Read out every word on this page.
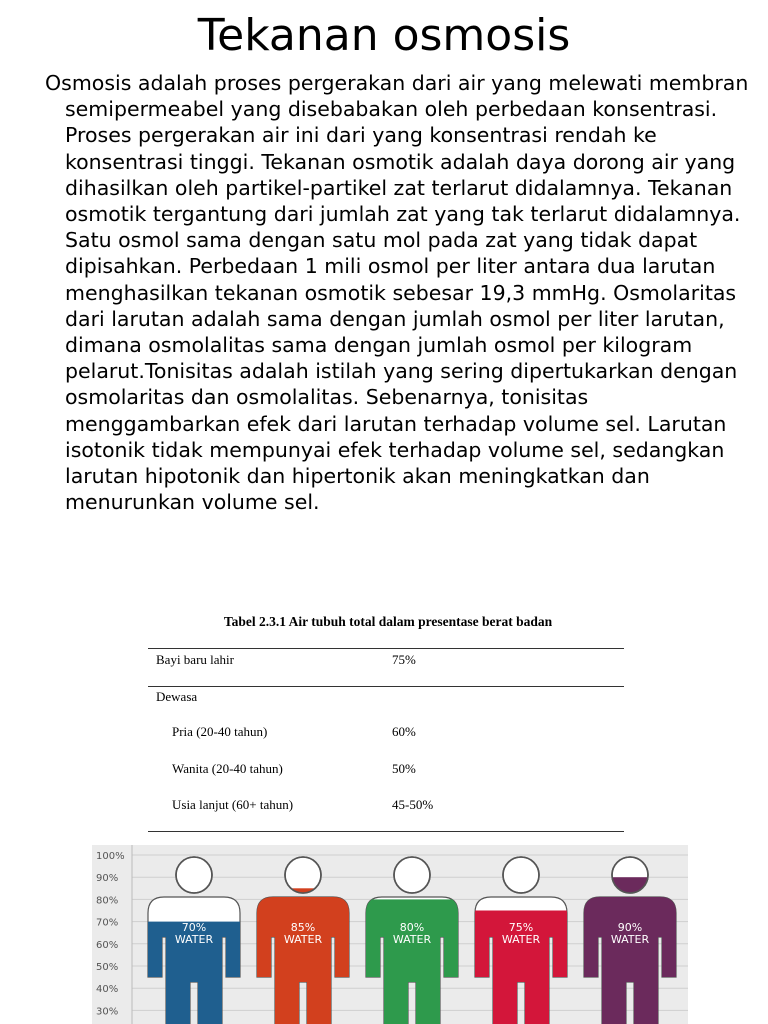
Tekanan osmosis

Osmosis adalah proses pergerakan dari air yang melewati membran semipermeabel yang disebabakan oleh perbedaan konsentrasi. Proses pergerakan air ini dari yang konsentrasi rendah ke konsentrasi tinggi. Tekanan osmotik adalah daya dorong air yang dihasilkan oleh partikel-partikel zat terlarut didalamnya. Tekanan osmotik tergantung dari jumlah zat yang tak terlarut didalamnya. Satu osmol sama dengan satu mol pada zat yang tidak dapat dipisahkan. Perbedaan 1 mili osmol per liter antara dua larutan menghasilkan tekanan osmotik sebesar 19,3 mmHg. Osmolaritas dari larutan adalah sama dengan jumlah osmol per liter larutan, dimana osmolalitas sama dengan jumlah osmol per kilogram pelarut.Tonisitas adalah istilah yang sering dipertukarkan dengan osmolaritas dan osmolalitas. Sebenarnya, tonisitas menggambarkan efek dari larutan terhadap volume sel. Larutan isotonik tidak mempunyai efek terhadap volume sel, sedangkan larutan hipotonik dan hipertonik akan meningkatkan dan menurunkan volume sel.

Tabel 2.3.1 Air tubuh total dalam presentase berat badan
Bayi baru lahir	75%
Dewasa
Pria (20-40 tahun)	60%
Wanita (20-40 tahun)	50%
Usia lanjut (60+ tahun)	45-50%
100%
90%
80%
70%
60%
50%
40%
30%
70%
WATER
85%
WATER
80%
WATER
75%
WATER
90%
WATER
